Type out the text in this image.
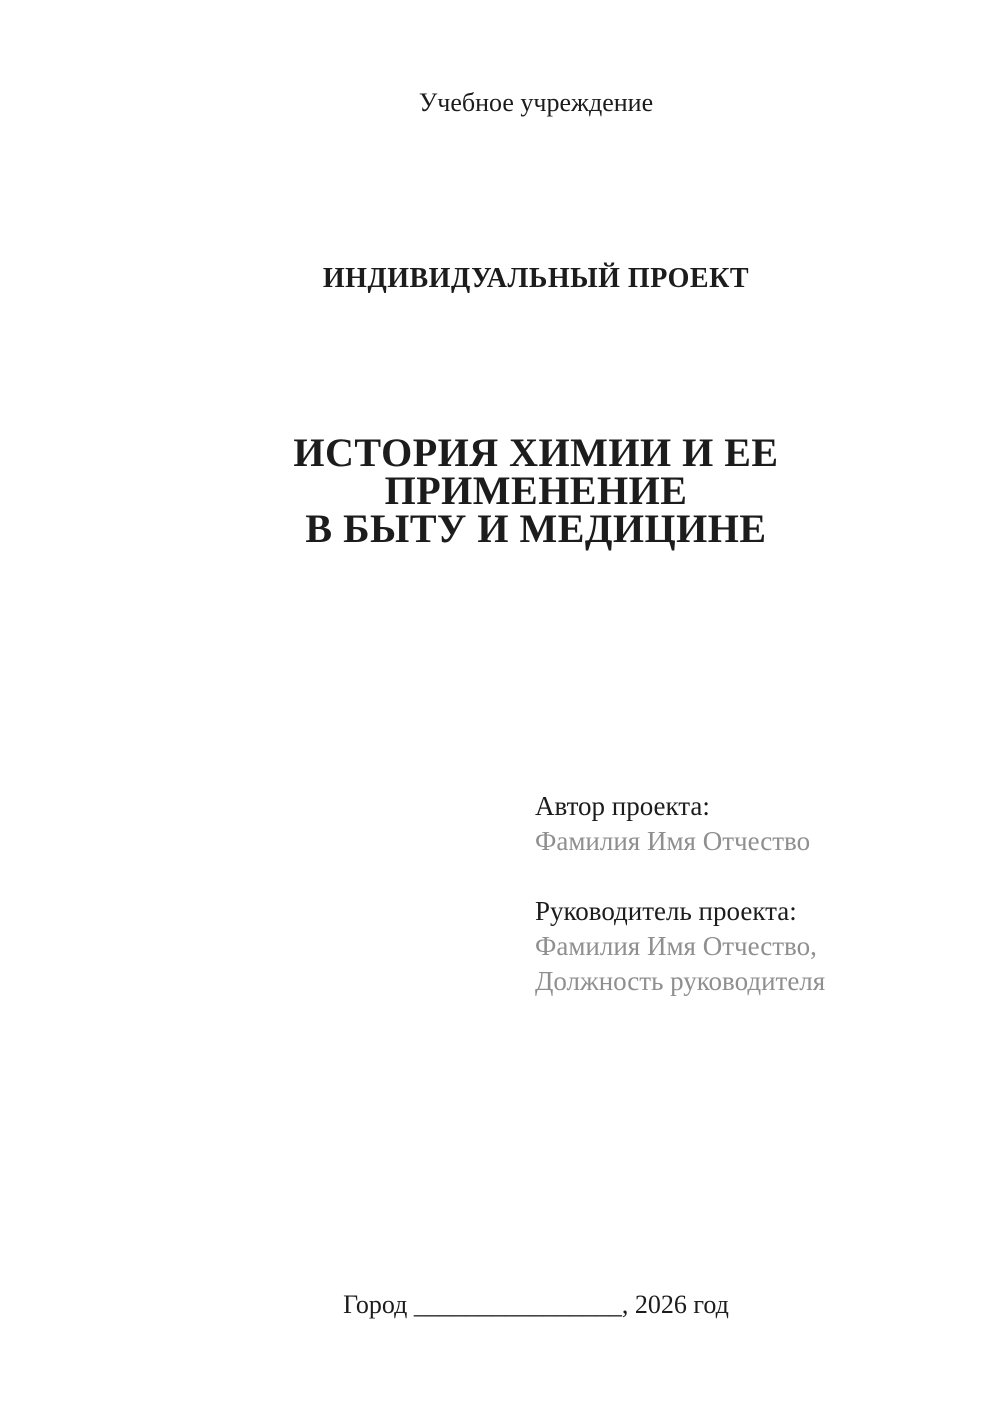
Учебное учреждение
ИНДИВИДУАЛЬНЫЙ ПРОЕКТ
ИСТОРИЯ ХИМИИ И ЕЕ ПРИМЕНЕНИЕ
В БЫТУ И МЕДИЦИНЕ
Автор проекта:
Фамилия Имя Отчество
Руководитель проекта:
Фамилия Имя Отчество,
Должность руководителя
Город ________________, 2026 год
